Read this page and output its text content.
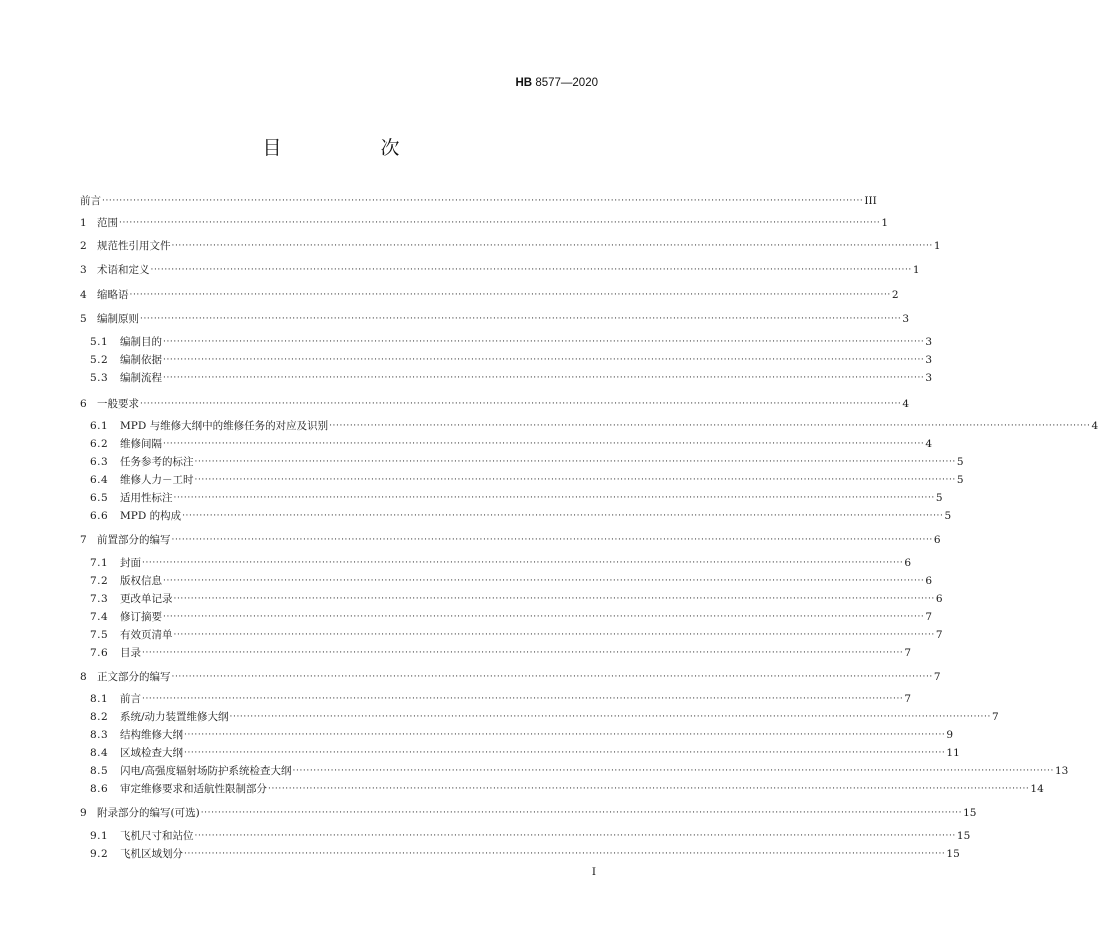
HB 8577—2020
目　次
前言 ···························································································································································································································· III
1 范围 ···························································································································································································································· 1
2 规范性引用文件 ···························································································································································································································· 1
3 术语和定义 ···························································································································································································································· 1
4 缩略语 ···························································································································································································································· 2
5 编制原则 ···························································································································································································································· 3
5.1	编制目的 ···························································································································································································································· 3
5.2	编制依据 ···························································································································································································································· 3
5.3	编制流程 ···························································································································································································································· 3
6 一般要求 ···························································································································································································································· 4
6.1	MPD 与维修大纲中的维修任务的对应及识别 ···························································································································································································································· 4
6.2	维修间隔 ···························································································································································································································· 4
6.3	任务参考的标注 ···························································································································································································································· 5
6.4	维修人力－工时 ···························································································································································································································· 5
6.5	适用性标注 ···························································································································································································································· 5
6.6	MPD 的构成 ···························································································································································································································· 5
7 前置部分的编写 ···························································································································································································································· 6
7.1	封面 ···························································································································································································································· 6
7.2	版权信息 ···························································································································································································································· 6
7.3	更改单记录 ···························································································································································································································· 6
7.4	修订摘要 ···························································································································································································································· 7
7.5	有效页清单 ···························································································································································································································· 7
7.6	目录 ···························································································································································································································· 7
8 正文部分的编写 ···························································································································································································································· 7
8.1	前言 ···························································································································································································································· 7
8.2	系统/动力装置维修大纲 ···························································································································································································································· 7
8.3	结构维修大纲 ···························································································································································································································· 9
8.4	区域检查大纲 ···························································································································································································································· 11
8.5	闪电/高强度辐射场防护系统检查大纲 ···························································································································································································································· 13
8.6	审定维修要求和适航性限制部分 ···························································································································································································································· 14
9 附录部分的编写(可选) ···························································································································································································································· 15
9.1	飞机尺寸和站位 ···························································································································································································································· 15
9.2	飞机区域划分 ···························································································································································································································· 15
I
